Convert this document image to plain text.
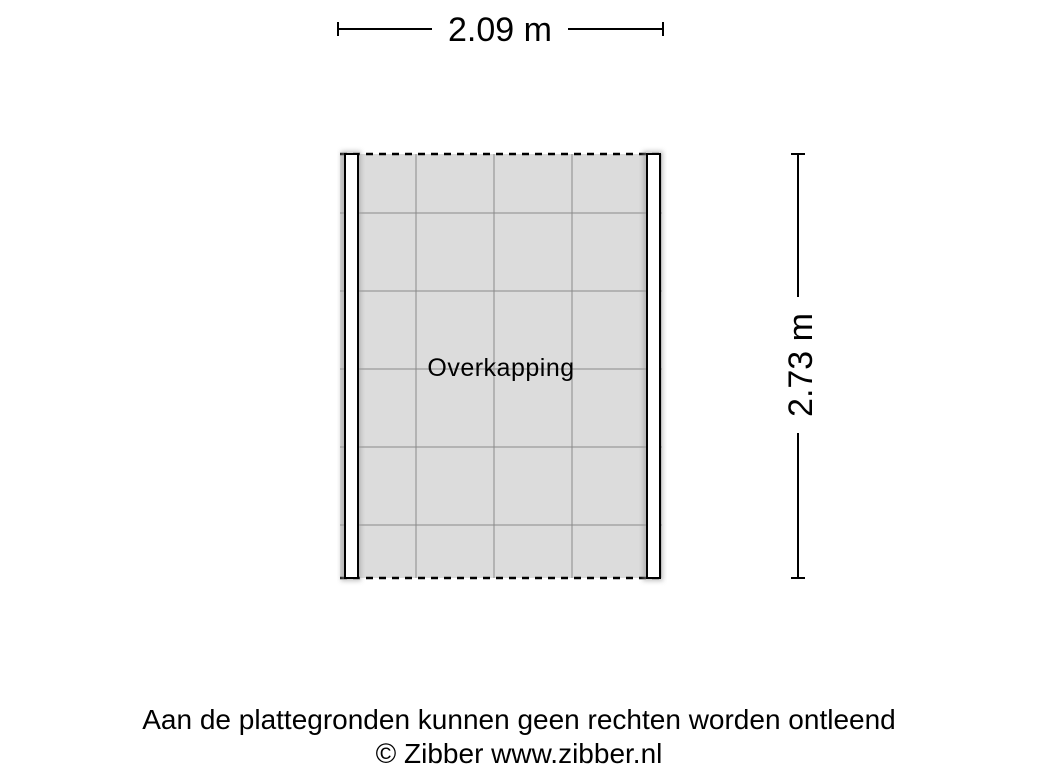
2.09 m
2.73 m
Overkapping
Aan de plattegronden kunnen geen rechten worden ontleend
© Zibber www.zibber.nl
